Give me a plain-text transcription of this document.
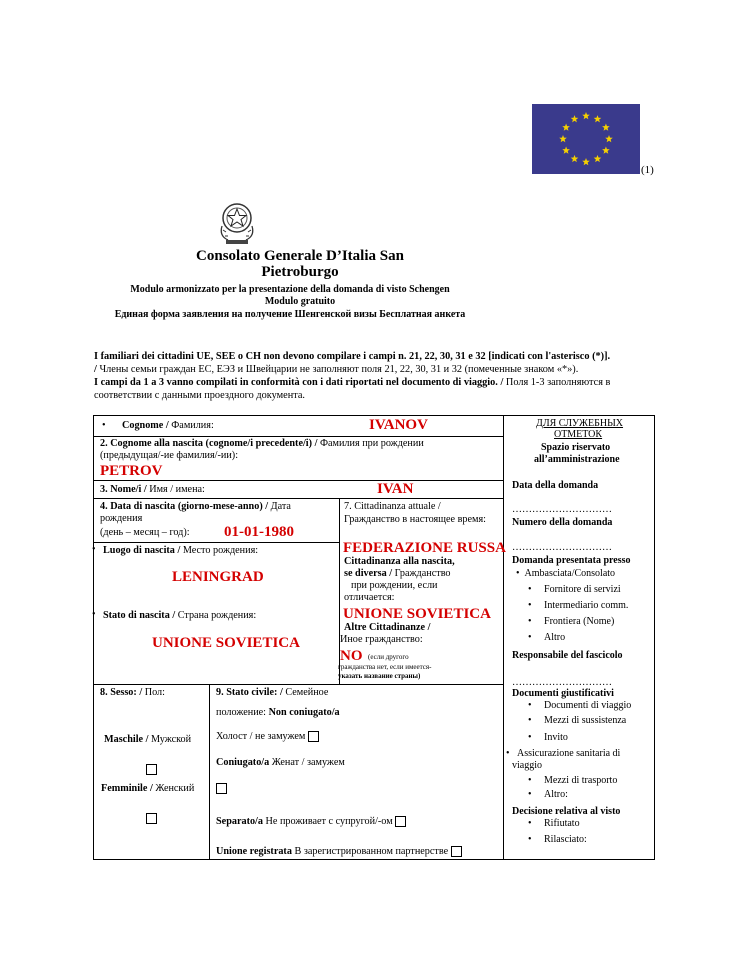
(1)
Consolato Generale D’Italia San
Pietroburgo
Modulo armonizzato per la presentazione della domanda di visto Schengen
Modulo gratuito
Единая форма заявления на получение Шенгенской визы Бесплатная анкета
I familiari dei cittadini UE, SEE o CH non devono compilare i campi n. 21, 22, 30, 31 e 32 [indicati con l'asterisco (*)].
/ Члены семьи граждан ЕС, ЕЭЗ и Швейцарии не заполняют поля 21, 22, 30, 31 и 32 (помеченные знаком «*»).
I campi da 1 a 3 vanno compilati in conformità con i dati riportati nel documento di viaggio. / Поля 1-3 заполняются в
соответствии с данными проездного документа.
• Cognome / Фамилия:	IVANOV
2. Cognome alla nascita (cognome/i precedente/i) / Фамилия при рождении
(предыдущая/-ие фамилия/-ии):
PETROV
3. Nome/i / Имя / имена:	IVAN
4. Data di nascita (giorno-mese-anno) / Дата
рождения
(день – месяц – год): 01-01-1980
• Luogo di nascita / Место рождения:
LENINGRAD
• Stato di nascita / Страна рождения:
UNIONE SOVIETICA
7. Cittadinanza attuale /
Гражданство в настоящее время:
FEDERAZIONE RUSSA
Cittadinanza alla nascita,
se diversa / Гражданство
при рождении, если
отличается:
UNIONE SOVIETICA
Altre Cittadinanze /
Иное гражданство:
NO (если другого
гражданства нет, если имеется-
указать название страны)
8. Sesso: / Пол:
Maschile / Мужской
Femminile / Женский
9. Stato civile: / Семейное
положение: Non coniugato/a
Холост / не замужем
Coniugato/a Женат / замужем
Separato/a Не проживает с супругой/-ом
Unione registrata В зарегистрированном партнерстве
ДЛЯ СЛУЖЕБНЫХ
ОТМЕТОК
Spazio riservato
all’amministrazione
Data della domanda
…………………………
Numero della domanda
…………………………
Domanda presentata presso
•  Ambasciata/Consolato
•     Fornitore di servizi
•     Intermediario comm.
•     Frontiera (Nome)
•     Altro
Responsabile del fascicolo
…………………………
Documenti giustificativi
•     Documenti di viaggio
•     Mezzi di sussistenza
•     Invito
•   Assicurazione sanitaria di
viaggio
•     Mezzi di trasporto
•     Altro:
Decisione relativa al visto
•     Rifiutato
•     Rilasciato:
